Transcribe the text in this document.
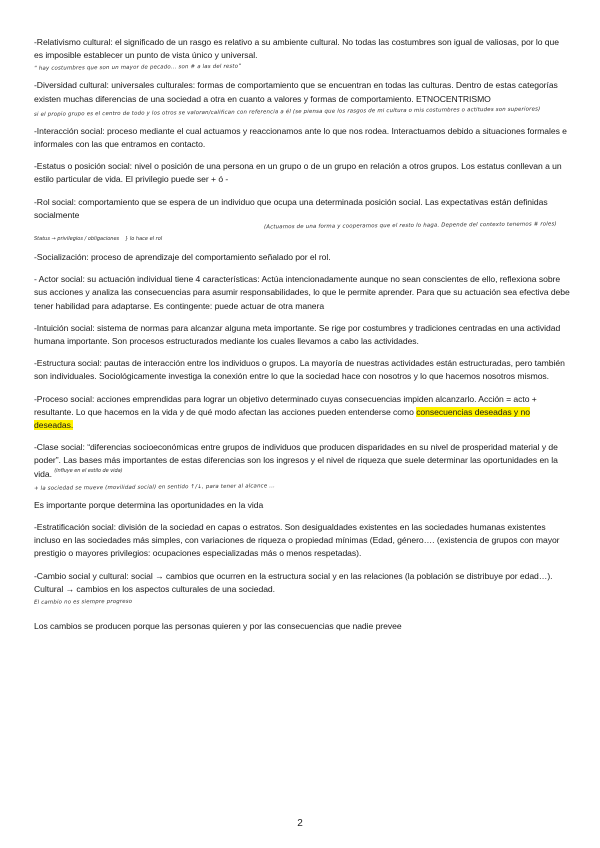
-Relativismo cultural: el significado de un rasgo es relativo a su ambiente cultural. No todas las costumbres son igual de valiosas, por lo que es imposible establecer un punto de vista único y universal.

“ hay costumbres que son un mayor de pecado... son # a las del resto”

-Diversidad cultural: universales culturales: formas de comportamiento que se encuentran en todas las culturas. Dentro de estas categorías existen muchas diferencias de una sociedad a otra en cuanto a valores y formas de comportamiento. ETNOCENTRISMO

si el propio grupo es el centro de todo y los otros se valoran/califican con referencia a él (se piensa que los rasgos de mi cultura o mis costumbres o actitudes son superiores)

-Interacción social: proceso mediante el cual actuamos y reaccionamos ante lo que nos rodea. Interactuamos debido a situaciones formales e informales con las que entramos en contacto.

-Estatus o posición social: nivel o posición de una persona en un grupo o de un grupo en relación a otros grupos. Los estatus conllevan a un estilo particular de vida. El privilegio puede ser + ó -

-Rol social: comportamiento que se espera de un individuo que ocupa una determinada posición social. Las expectativas están definidas socialmente

(Actuamos de una forma y cooperamos que el resto lo haga. Depende del contexto tenemos # roles)
Status → privilegios / obligaciones } lo hace el rol

-Socialización: proceso de aprendizaje del comportamiento señalado por el rol.

- Actor social: su actuación individual tiene 4 características: Actúa intencionadamente aunque no sean conscientes de ello, reflexiona sobre sus acciones y analiza las consecuencias para asumir responsabilidades, lo que le permite aprender. Para que su actuación sea efectiva debe tener habilidad para adaptarse. Es contingente: puede actuar de otra manera

-Intuición social: sistema de normas para alcanzar alguna meta importante. Se rige por costumbres y tradiciones centradas en una actividad humana importante. Son procesos estructurados mediante los cuales llevamos a cabo las actividades.

-Estructura social: pautas de interacción entre los individuos o grupos. La mayoría de nuestras actividades están estructuradas, pero también son individuales. Sociológicamente investiga la conexión entre lo que la sociedad hace con nosotros y lo que hacemos nosotros mismos.

-Proceso social: acciones emprendidas para lograr un objetivo determinado cuyas consecuencias impiden alcanzarlo. Acción = acto + resultante. Lo que hacemos en la vida y de qué modo afectan las acciones pueden entenderse como consecuencias deseadas y no deseadas.

-Clase social: “diferencias socioeconómicas entre grupos de individuos que producen disparidades en su nivel de prosperidad material y de poder”. Las bases más importantes de estas diferencias son los ingresos y el nivel de riqueza que suele determinar las oportunidades en la vida. (influye en el estilo de vida)

+ la sociedad se mueve (movilidad social) en sentido ↑/↓, para tener al alcance ...

Es importante porque determina las oportunidades en la vida

-Estratificación social: división de la sociedad en capas o estratos. Son desigualdades existentes en las sociedades humanas existentes incluso en las sociedades más simples, con variaciones de riqueza o propiedad mínimas (Edad, género…. (existencia de grupos con mayor prestigio o mayores privilegios: ocupaciones especializadas más o menos respetadas).

-Cambio social y cultural: social → cambios que ocurren en la estructura social y en las relaciones (la población se distribuye por edad…). Cultural → cambios en los aspectos culturales de una sociedad.

El cambio no es siempre progreso

Los cambios se producen porque las personas quieren y por las consecuencias que nadie prevee

2
